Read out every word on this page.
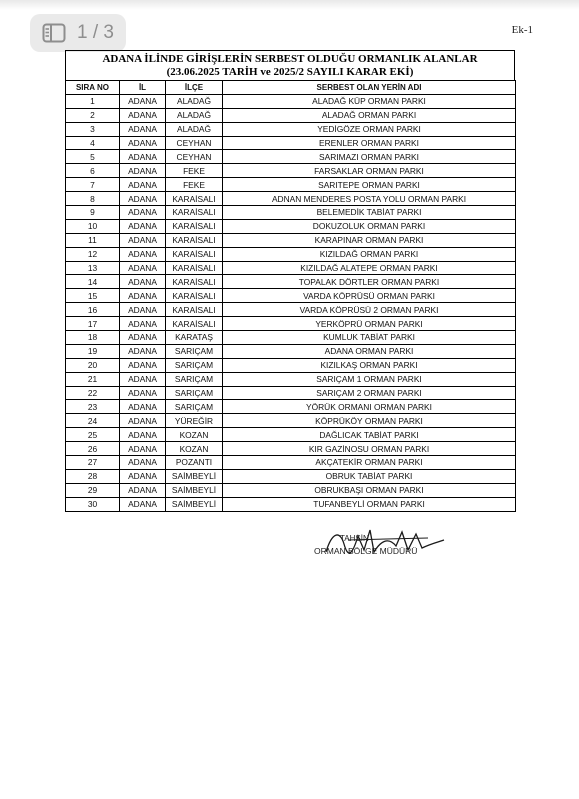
1 / 3	Ek-1
ADANA İLİNDE GİRİŞLERİN SERBEST OLDUĞU ORMANLIK ALANLAR
(23.06.2025 TARİH ve 2025/2 SAYILI KARAR EKİ)
SIRA NO	İL	İLÇE	SERBEST OLAN YERİN ADI
1	ADANA	ALADAĞ	ALADAĞ KÜP ORMAN PARKI
2	ADANA	ALADAĞ	ALADAĞ ORMAN PARKI
3	ADANA	ALADAĞ	YEDİGÖZE ORMAN PARKI
4	ADANA	CEYHAN	ERENLER ORMAN PARKI
5	ADANA	CEYHAN	SARIMAZI ORMAN PARKI
6	ADANA	FEKE	FARSAKLAR ORMAN PARKI
7	ADANA	FEKE	SARITEPE ORMAN PARKI
8	ADANA	KARAİSALI	ADNAN MENDERES POSTA YOLU ORMAN PARKI
9	ADANA	KARAİSALI	BELEMEDİK TABİAT PARKI
10	ADANA	KARAİSALI	DOKUZOLUK ORMAN PARKI
11	ADANA	KARAİSALI	KARAPINAR ORMAN PARKI
12	ADANA	KARAİSALI	KIZILDAĞ ORMAN PARKI
13	ADANA	KARAİSALI	KIZILDAĞ ALATEPE ORMAN PARKI
14	ADANA	KARAİSALI	TOPALAK DÖRTLER ORMAN PARKI
15	ADANA	KARAİSALI	VARDA KÖPRÜSÜ ORMAN PARKI
16	ADANA	KARAİSALI	VARDA KÖPRÜSÜ 2 ORMAN PARKI
17	ADANA	KARAİSALI	YERKÖPRÜ ORMAN PARKI
18	ADANA	KARATAŞ	KUMLUK TABİAT PARKI
19	ADANA	SARIÇAM	ADANA ORMAN PARKI
20	ADANA	SARIÇAM	KIZILKAŞ ORMAN PARKI
21	ADANA	SARIÇAM	SARIÇAM 1 ORMAN PARKI
22	ADANA	SARIÇAM	SARIÇAM 2 ORMAN PARKI
23	ADANA	SARIÇAM	YÖRÜK ORMANI ORMAN PARKI
24	ADANA	YÜREĞİR	KÖPRÜKÖY ORMAN PARKI
25	ADANA	KOZAN	DAĞLICAK TABİAT PARKI
26	ADANA	KOZAN	KIR GAZİNOSU ORMAN PARKI
27	ADANA	POZANTI	AKÇATEKİR ORMAN PARKI
28	ADANA	SAİMBEYLİ	OBRUK TABİAT PARKI
29	ADANA	SAİMBEYLİ	OBRUKBAŞI ORMAN PARKI
30	ADANA	SAİMBEYLİ	TUFANBEYLİ ORMAN PARKI
TAHSİN
ORMAN BÖLGE MÜDÜRÜ
